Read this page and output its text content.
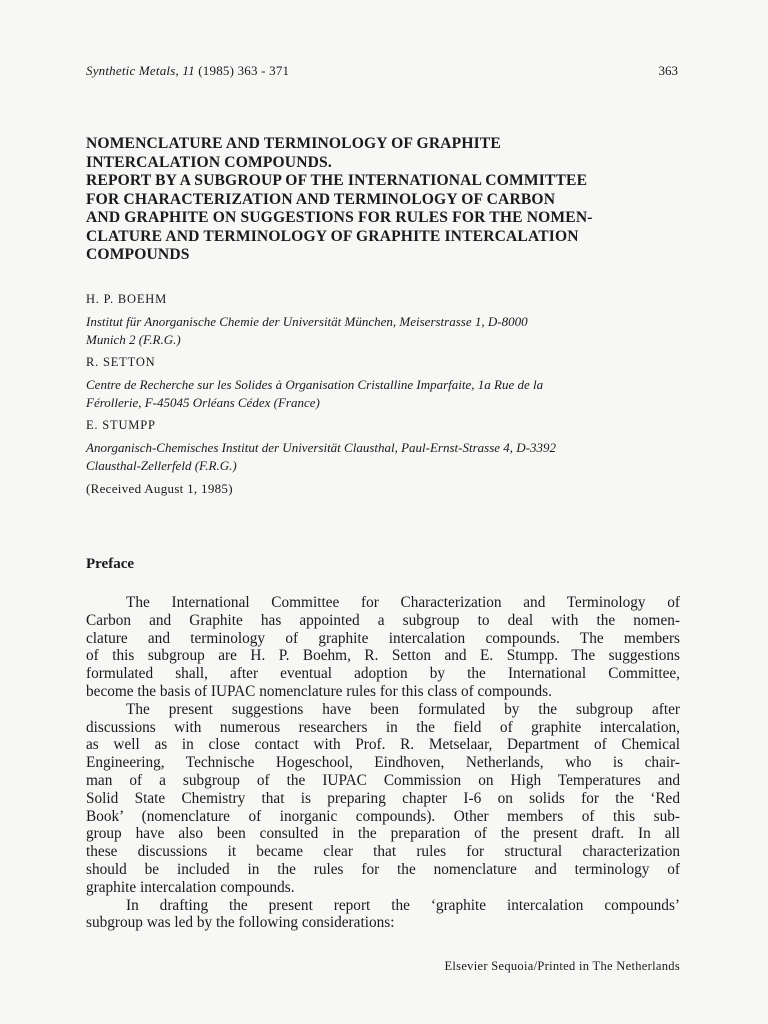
Synthetic Metals, 11 (1985) 363 - 371	363
NOMENCLATURE AND TERMINOLOGY OF GRAPHITE
INTERCALATION COMPOUNDS.
REPORT BY A SUBGROUP OF THE INTERNATIONAL COMMITTEE
FOR CHARACTERIZATION AND TERMINOLOGY OF CARBON
AND GRAPHITE ON SUGGESTIONS FOR RULES FOR THE NOMEN-
CLATURE AND TERMINOLOGY OF GRAPHITE INTERCALATION
COMPOUNDS
H. P. BOEHM
Institut für Anorganische Chemie der Universität München, Meiserstrasse 1, D-8000
Munich 2 (F.R.G.)
R. SETTON
Centre de Recherche sur les Solides à Organisation Cristalline Imparfaite, 1a Rue de la
Férollerie, F-45045 Orléans Cédex (France)
E. STUMPP
Anorganisch-Chemisches Institut der Universität Clausthal, Paul-Ernst-Strasse 4, D-3392
Clausthal-Zellerfeld (F.R.G.)
(Received August 1, 1985)
Preface
The International Committee for Characterization and Terminology of
Carbon and Graphite has appointed a subgroup to deal with the nomen-
clature and terminology of graphite intercalation compounds. The members
of this subgroup are H. P. Boehm, R. Setton and E. Stumpp. The suggestions
formulated shall, after eventual adoption by the International Committee,
become the basis of IUPAC nomenclature rules for this class of compounds.
The present suggestions have been formulated by the subgroup after
discussions with numerous researchers in the field of graphite intercalation,
as well as in close contact with Prof. R. Metselaar, Department of Chemical
Engineering, Technische Hogeschool, Eindhoven, Netherlands, who is chair-
man of a subgroup of the IUPAC Commission on High Temperatures and
Solid State Chemistry that is preparing chapter I-6 on solids for the ‘Red
Book’ (nomenclature of inorganic compounds). Other members of this sub-
group have also been consulted in the preparation of the present draft. In all
these discussions it became clear that rules for structural characterization
should be included in the rules for the nomenclature and terminology of
graphite intercalation compounds.
In drafting the present report the ‘graphite intercalation compounds’
subgroup was led by the following considerations:
Elsevier Sequoia/Printed in The Netherlands
